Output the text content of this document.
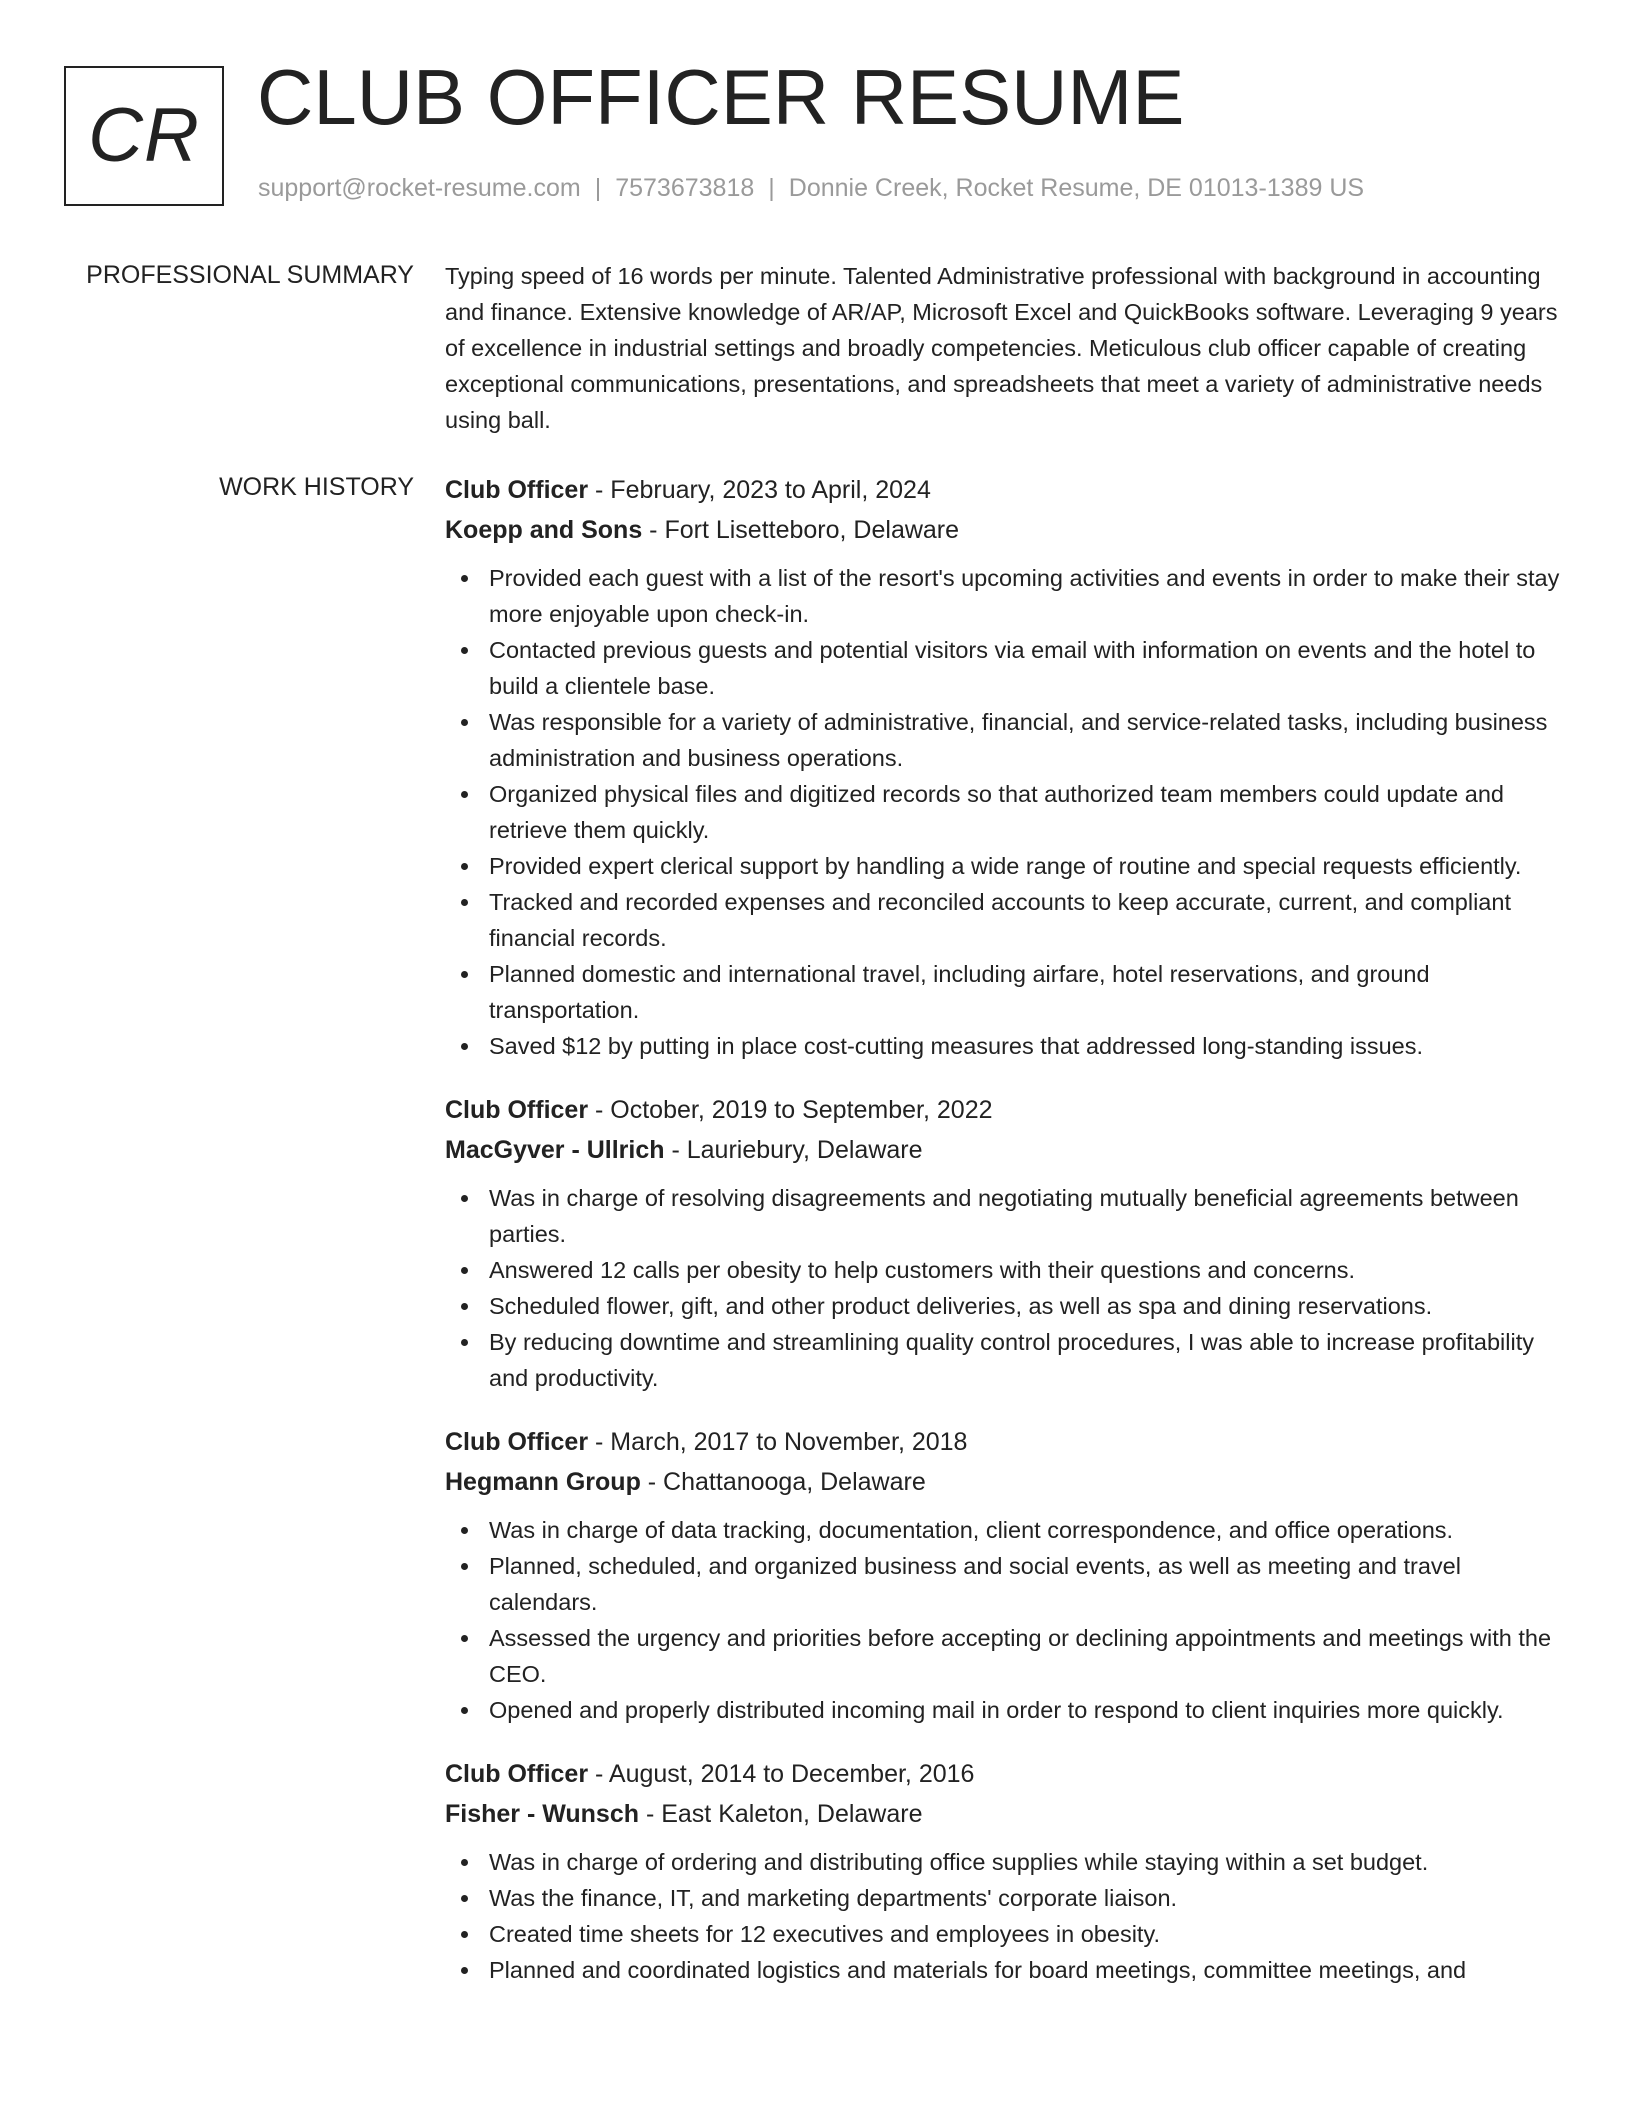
CR CLUB OFFICER RESUME
support@rocket-resume.com | 7573673818 | Donnie Creek, Rocket Resume, DE 01013-1389 US
PROFESSIONAL SUMMARY Typing speed of 16 words per minute. Talented Administrative professional with background in accounting and finance. Extensive knowledge of AR/AP, Microsoft Excel and QuickBooks software. Leveraging 9 years of excellence in industrial settings and broadly competencies. Meticulous club officer capable of creating exceptional communications, presentations, and spreadsheets that meet a variety of administrative needs using ball.

WORK HISTORY Club Officer - February, 2023 to April, 2024
Koepp and Sons - Fort Lisetteboro, Delaware
Provided each guest with a list of the resort's upcoming activities and events in order to make their stay more enjoyable upon check-in.
Contacted previous guests and potential visitors via email with information on events and the hotel to build a clientele base.
Was responsible for a variety of administrative, financial, and service-related tasks, including business administration and business operations.
Organized physical files and digitized records so that authorized team members could update and retrieve them quickly.
Provided expert clerical support by handling a wide range of routine and special requests efficiently.
Tracked and recorded expenses and reconciled accounts to keep accurate, current, and compliant financial records.
Planned domestic and international travel, including airfare, hotel reservations, and ground transportation.
Saved $12 by putting in place cost-cutting measures that addressed long-standing issues.
Club Officer - October, 2019 to September, 2022
MacGyver - Ullrich - Lauriebury, Delaware
Was in charge of resolving disagreements and negotiating mutually beneficial agreements between parties.
Answered 12 calls per obesity to help customers with their questions and concerns.
Scheduled flower, gift, and other product deliveries, as well as spa and dining reservations.
By reducing downtime and streamlining quality control procedures, I was able to increase profitability and productivity.
Club Officer - March, 2017 to November, 2018
Hegmann Group - Chattanooga, Delaware
Was in charge of data tracking, documentation, client correspondence, and office operations.
Planned, scheduled, and organized business and social events, as well as meeting and travel calendars.
Assessed the urgency and priorities before accepting or declining appointments and meetings with the CEO.
Opened and properly distributed incoming mail in order to respond to client inquiries more quickly.
Club Officer - August, 2014 to December, 2016
Fisher - Wunsch - East Kaleton, Delaware
Was in charge of ordering and distributing office supplies while staying within a set budget.
Was the finance, IT, and marketing departments' corporate liaison.
Created time sheets for 12 executives and employees in obesity.
Planned and coordinated logistics and materials for board meetings, committee meetings, and
